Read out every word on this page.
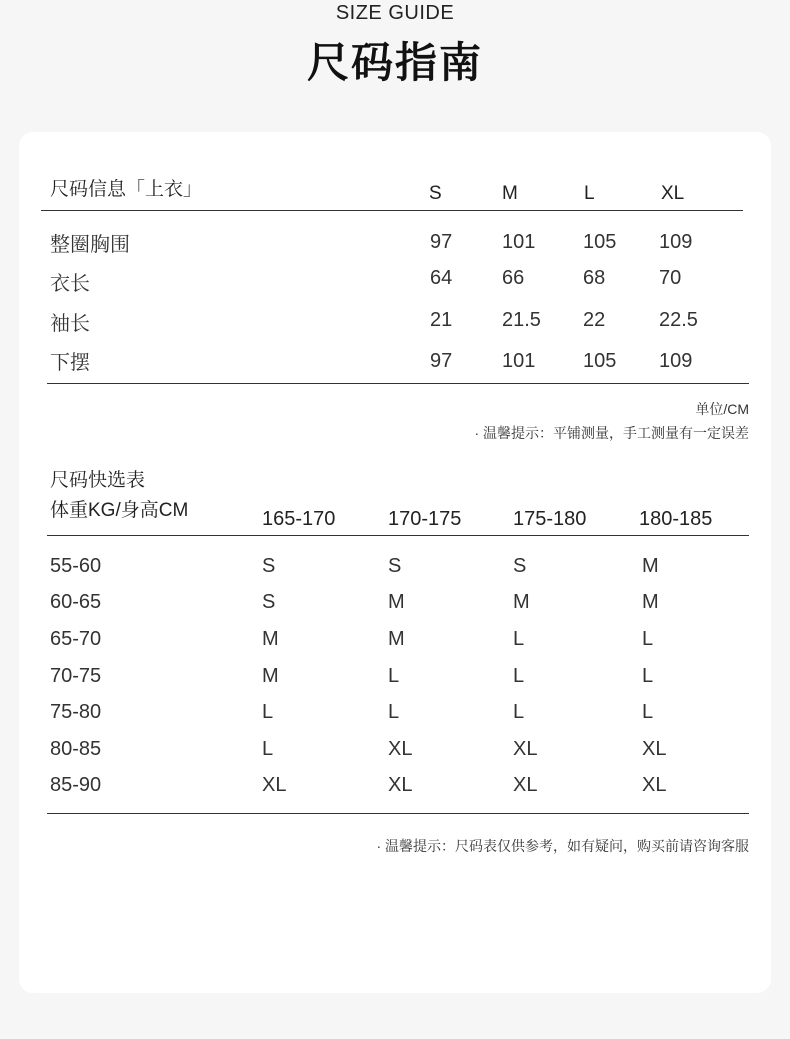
SIZE GUIDE
尺码指南
尺码信息「上衣」	S	M	L	XL
整圈胸围	97 101 105 109
衣长	64 66	68	70
袖长	21 21.5 22	22.5
下摆	97 101 105 109
单位/CM
· 温馨提示：平铺测量，手工测量有一定误差
尺码快选表
体重KG/身高CM	165-170	170-175	175-180	180-185
55-60	S	S	S	M
60-65	S	M	M	M
65-70	M	M	L	L
70-75	M	L	L	L
75-80	L	L	L	L
80-85	L	XL	XL	XL
85-90	XL	XL	XL	XL
· 温馨提示：尺码表仅供参考，如有疑问，购买前请咨询客服
